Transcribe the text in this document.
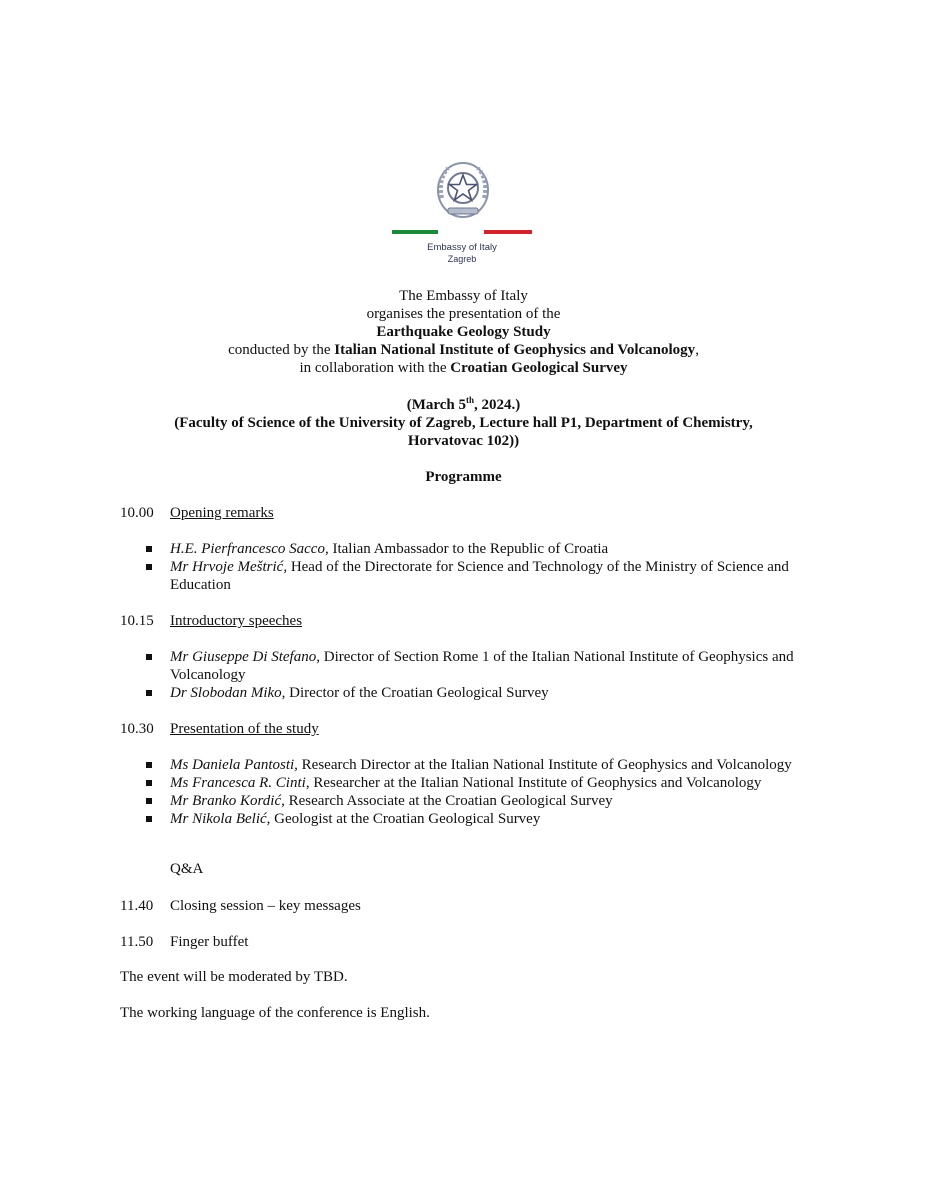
Embassy of Italy
Zagreb
The Embassy of Italy
organises the presentation of the
Earthquake Geology Study
conducted by the Italian National Institute of Geophysics and Volcanology,
in collaboration with the Croatian Geological Survey
(March 5th, 2024.)
(Faculty of Science of the University of Zagreb, Lecture hall P1, Department of Chemistry,
Horvatovac 102))
Programme
10.00 Opening remarks
H.E. Pierfrancesco Sacco, Italian Ambassador to the Republic of Croatia
Mr Hrvoje Meštrić, Head of the Directorate for Science and Technology of the Ministry of Science and Education
10.15 Introductory speeches
Mr Giuseppe Di Stefano, Director of Section Rome 1 of the Italian National Institute of Geophysics and Volcanology
Dr Slobodan Miko, Director of the Croatian Geological Survey
10.30 Presentation of the study
Ms Daniela Pantosti, Research Director at the Italian National Institute of Geophysics and Volcanology
Ms Francesca R. Cinti, Researcher at the Italian National Institute of Geophysics and Volcanology
Mr Branko Kordić, Research Associate at the Croatian Geological Survey
Mr Nikola Belić, Geologist at the Croatian Geological Survey
Q&A
11.40 Closing session – key messages
11.50 Finger buffet
The event will be moderated by TBD.
The working language of the conference is English.
